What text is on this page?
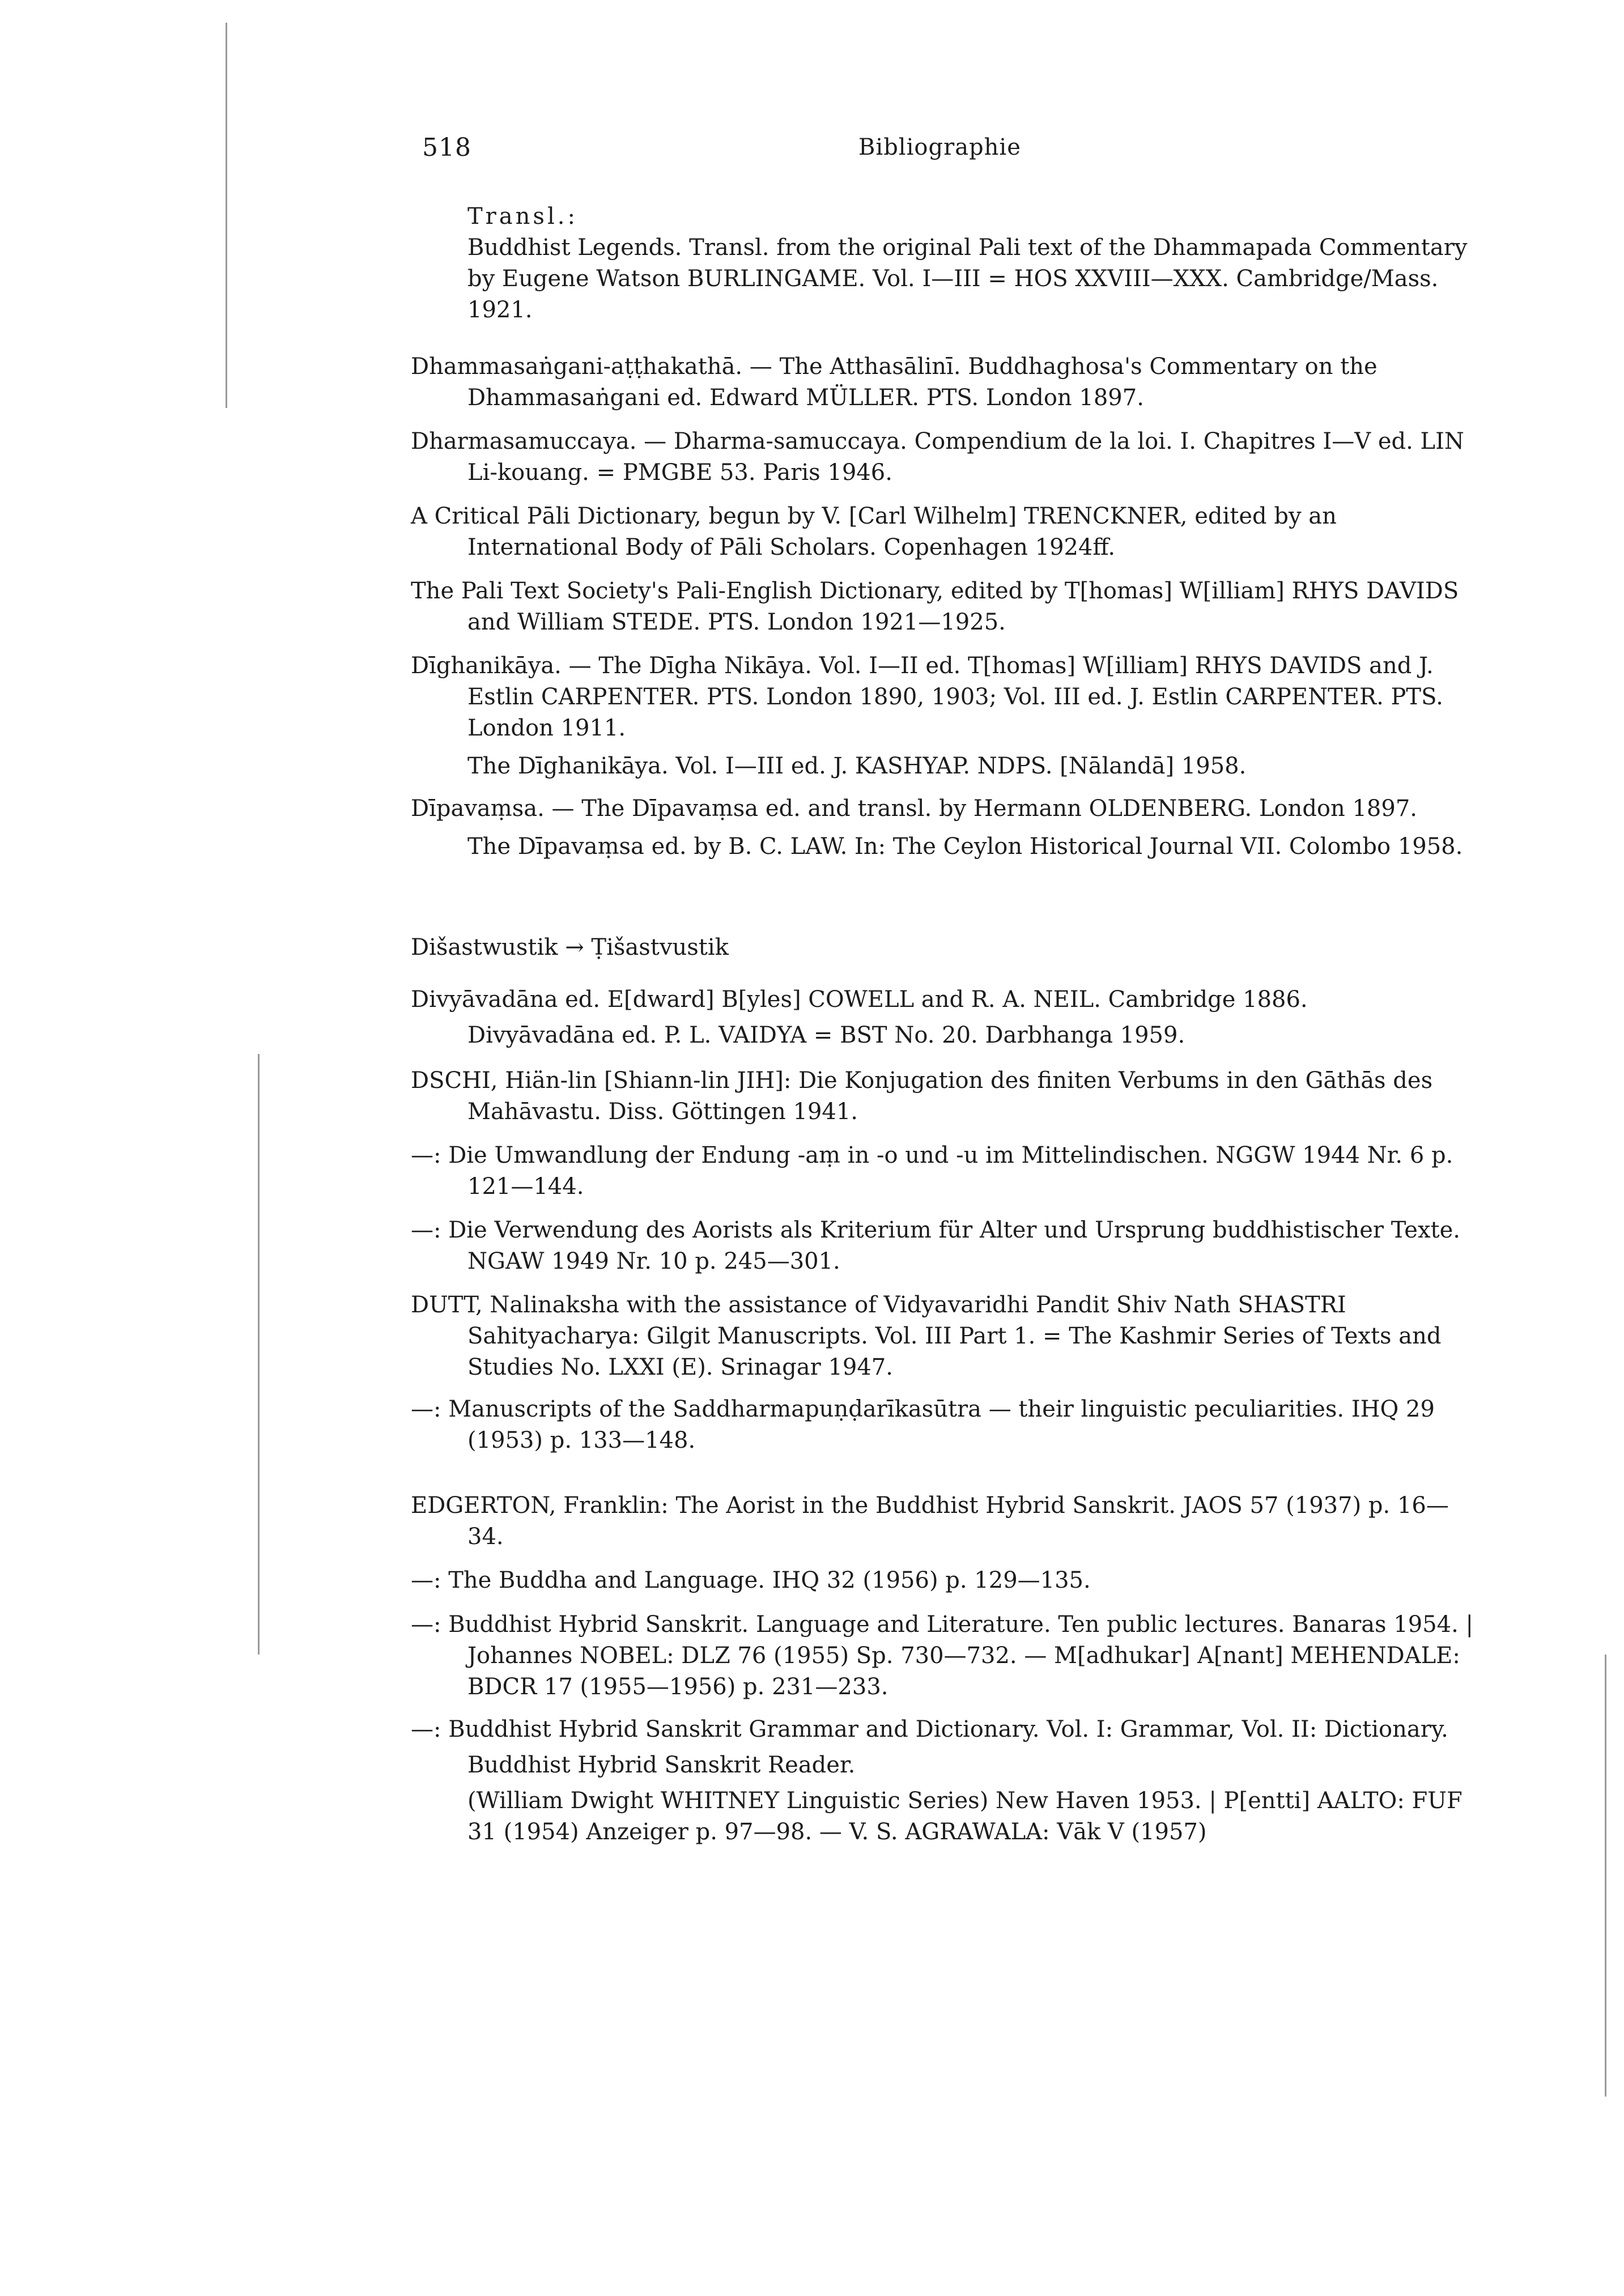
518	Bibliographie

Transl.:

Buddhist Legends. Transl. from the original Pali text of the Dhammapada Commentary by Eugene Watson BURLINGAME. Vol. I—III = HOS XXVIII—XXX. Cambridge/Mass. 1921.

Dhammasaṅgani-aṭṭhakathā. — The Atthasālinī. Buddhaghosa's Commentary on the Dhammasaṅgani ed. Edward MÜLLER. PTS. London 1897.

Dharmasamuccaya. — Dharma-samuccaya. Compendium de la loi. I. Chapitres I—V ed. LIN Li-kouang. = PMGBE 53. Paris 1946.

A Critical Pāli Dictionary, begun by V. [Carl Wilhelm] TRENCKNER, edited by an International Body of Pāli Scholars. Copenhagen 1924ff.

The Pali Text Society's Pali-English Dictionary, edited by T[homas] W[illiam] RHYS DAVIDS and William STEDE. PTS. London 1921—1925.

Dīghanikāya. — The Dīgha Nikāya. Vol. I—II ed. T[homas] W[illiam] RHYS DAVIDS and J. Estlin CARPENTER. PTS. London 1890, 1903; Vol. III ed. J. Estlin CARPENTER. PTS. London 1911.

The Dīghanikāya. Vol. I—III ed. J. KASHYAP. NDPS. [Nālandā] 1958.

Dīpavaṃsa. — The Dīpavaṃsa ed. and transl. by Hermann OLDENBERG. London 1897.

The Dīpavaṃsa ed. by B. C. LAW. In: The Ceylon Historical Journal VII. Colombo 1958.

Dišastwustik → Ṭišastvustik

Divyāvadāna ed. E[dward] B[yles] COWELL and R. A. NEIL. Cambridge 1886.

Divyāvadāna ed. P. L. VAIDYA = BST No. 20. Darbhanga 1959.

DSCHI, Hiän-lin [Shiann-lin JIH]: Die Konjugation des finiten Verbums in den Gāthās des Mahāvastu. Diss. Göttingen 1941.

—: Die Umwandlung der Endung -aṃ in -o und -u im Mittelindischen. NGGW 1944 Nr. 6 p. 121—144.

—: Die Verwendung des Aorists als Kriterium für Alter und Ursprung buddhistischer Texte. NGAW 1949 Nr. 10 p. 245—301.

DUTT, Nalinaksha with the assistance of Vidyavaridhi Pandit Shiv Nath SHASTRI Sahityacharya: Gilgit Manuscripts. Vol. III Part 1. = The Kashmir Series of Texts and Studies No. LXXI (E). Srinagar 1947.

—: Manuscripts of the Saddharmapuṇḍarīkasūtra — their linguistic peculiarities. IHQ 29 (1953) p. 133—148.

EDGERTON, Franklin: The Aorist in the Buddhist Hybrid Sanskrit. JAOS 57 (1937) p. 16—34.

—: The Buddha and Language. IHQ 32 (1956) p. 129—135.

—: Buddhist Hybrid Sanskrit. Language and Literature. Ten public lectures. Banaras 1954. | Johannes NOBEL: DLZ 76 (1955) Sp. 730—732. — M[adhukar] A[nant] MEHENDALE: BDCR 17 (1955—1956) p. 231—233.

—: Buddhist Hybrid Sanskrit Grammar and Dictionary. Vol. I: Grammar, Vol. II: Dictionary.

Buddhist Hybrid Sanskrit Reader.

(William Dwight WHITNEY Linguistic Series) New Haven 1953. | P[entti] AALTO: FUF 31 (1954) Anzeiger p. 97—98. — V. S. AGRAWALA: Vāk V (1957)
